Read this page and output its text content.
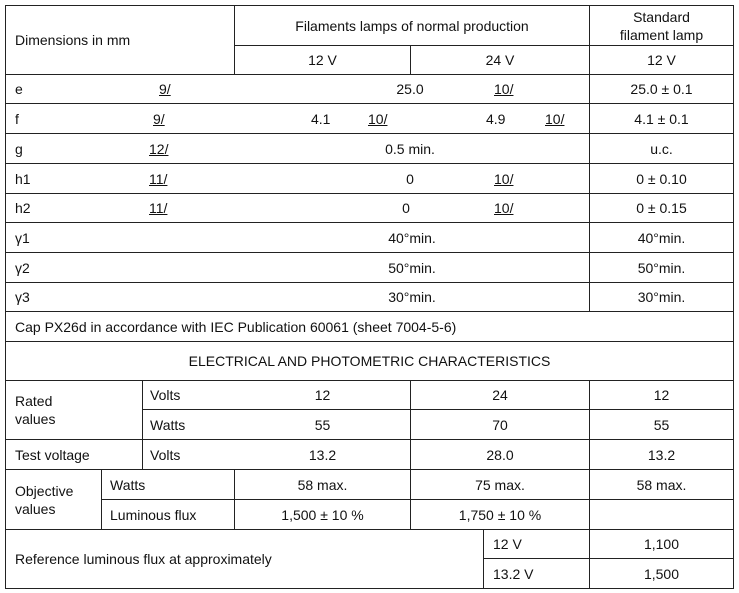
Dimensions in mm
Filaments lamps of normal production
Standard
filament lamp
12 V	24 V	12 V
e	9/	25.0	10/	25.0 ± 0.1
f	9/	4.1	10/	4.9	10/	4.1 ± 0.1
g	12/	0.5 min.	u.c.
h1	11/	0	10/	0 ± 0.10
h2	11/	0	10/	0 ± 0.15
γ1	40°min.	40°min.
γ2	50°min.	50°min.
γ3	30°min.	30°min.
Cap PX26d in accordance with IEC Publication 60061 (sheet 7004-5-6)
ELECTRICAL AND PHOTOMETRIC CHARACTERISTICS
Rated
values
Volts	12	24	12
Watts	55	70	55
Test voltage	Volts	13.2	28.0	13.2
Objective
values
Watts	58 max.	75 max.	58 max.
Luminous flux	1,500 ± 10 %	1,750 ± 10 %
Reference luminous flux at approximately
12 V	1,100
13.2 V	1,500
